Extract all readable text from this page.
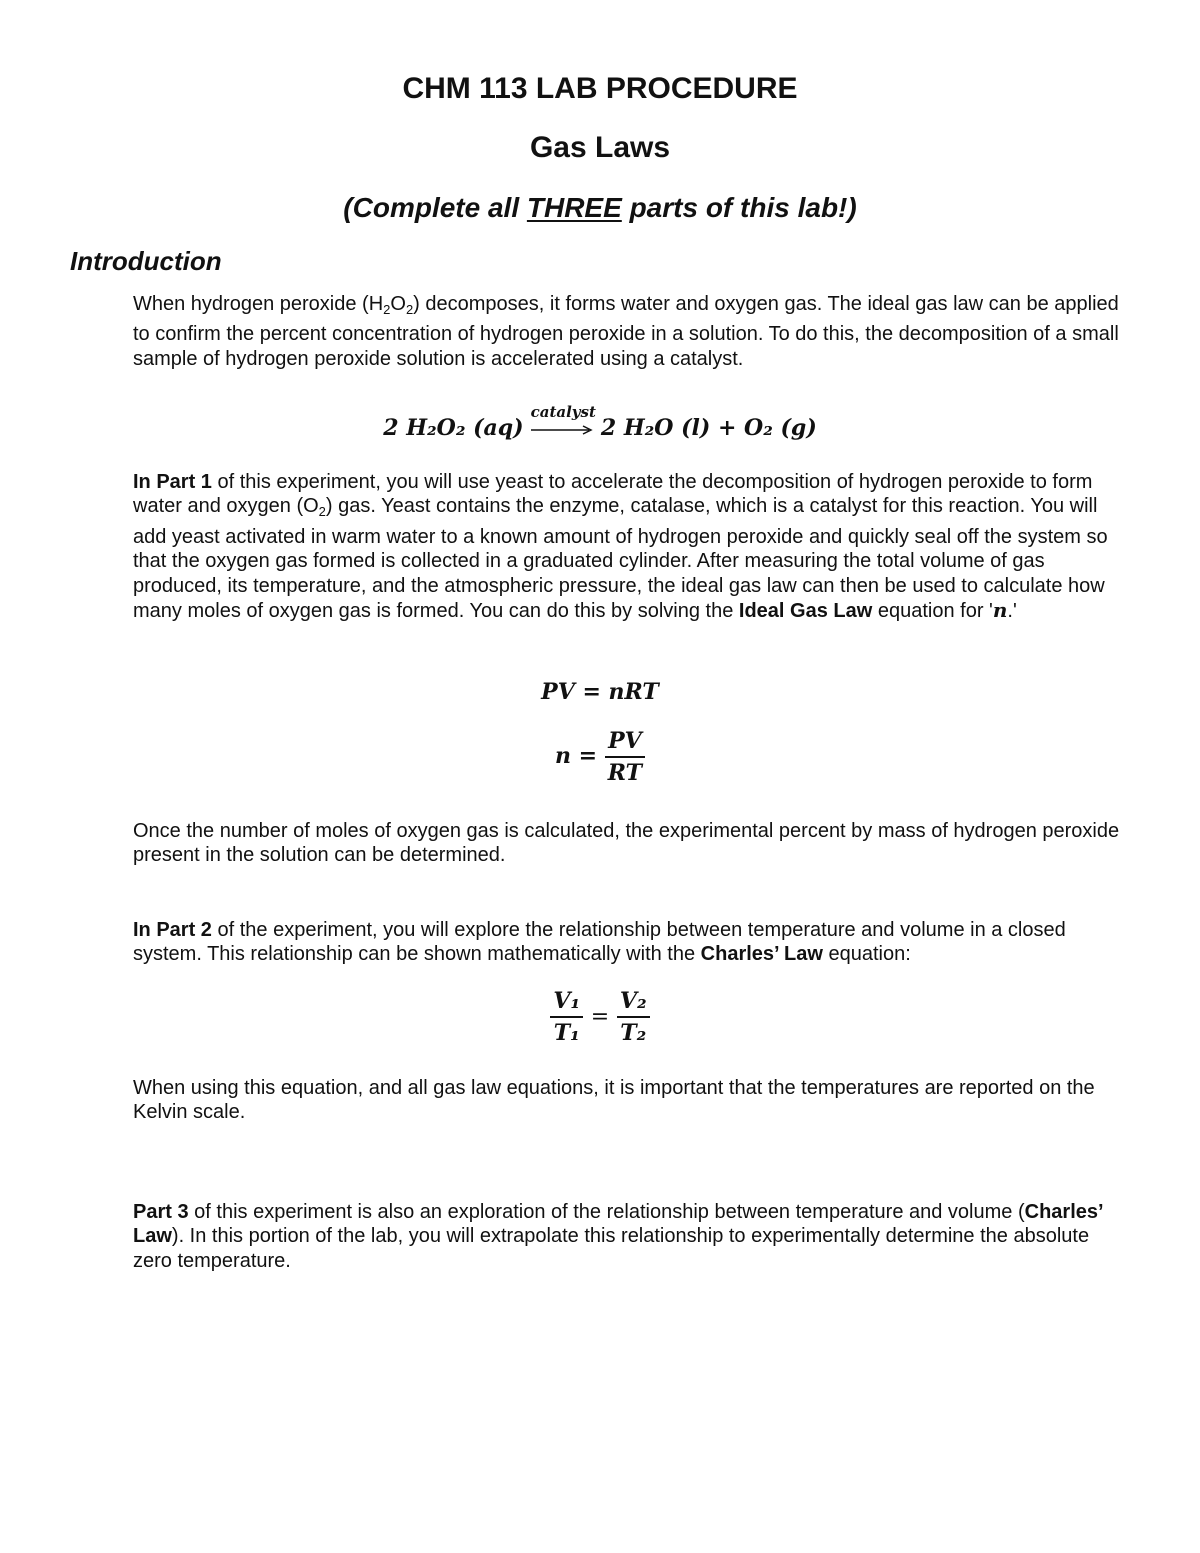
CHM 113 LAB PROCEDURE
Gas Laws
(Complete all THREE parts of this lab!)
Introduction

When hydrogen peroxide $(H_2O_2)$ decomposes, it forms water and oxygen gas. The ideal gas law can be applied to confirm the percent concentration of hydrogen peroxide in a solution. To do this, the decomposition of a small sample of hydrogen peroxide solution is accelerated using a catalyst.

2 H₂O₂ (aq)
catalyst
2 H₂O (l) + O₂ (g)

In Part 1 of this experiment, you will use yeast to accelerate the decomposition of hydrogen peroxide to form water and oxygen $(O_2)$ gas. Yeast contains the enzyme, catalase, which is a catalyst for this reaction. You will add yeast activated in warm water to a known amount of hydrogen peroxide and quickly seal off the system so that the oxygen gas formed is collected in a graduated cylinder. After measuring the total volume of gas produced, its temperature, and the atmospheric pressure, the ideal gas law can then be used to calculate how many moles of oxygen gas is formed. You can do this by solving the Ideal Gas Law equation for 'n.'

PV = nRT
$n = \frac{PV}{RT}$

Once the number of moles of oxygen gas is calculated, the experimental percent by mass of hydrogen peroxide present in the solution can be determined.

In Part 2 of the experiment, you will explore the relationship between temperature and volume in a closed system. This relationship can be shown mathematically with the Charles’ Law equation:

$\frac{\text{V₁}}{\text{T₁}} = \frac{\text{V₂}}{\text{T₂}}$

When using this equation, and all gas law equations, it is important that the temperatures are reported on the Kelvin scale.

Part 3 of this experiment is also an exploration of the relationship between temperature and volume (Charles’ Law). In this portion of the lab, you will extrapolate this relationship to experimentally determine the absolute zero temperature.
